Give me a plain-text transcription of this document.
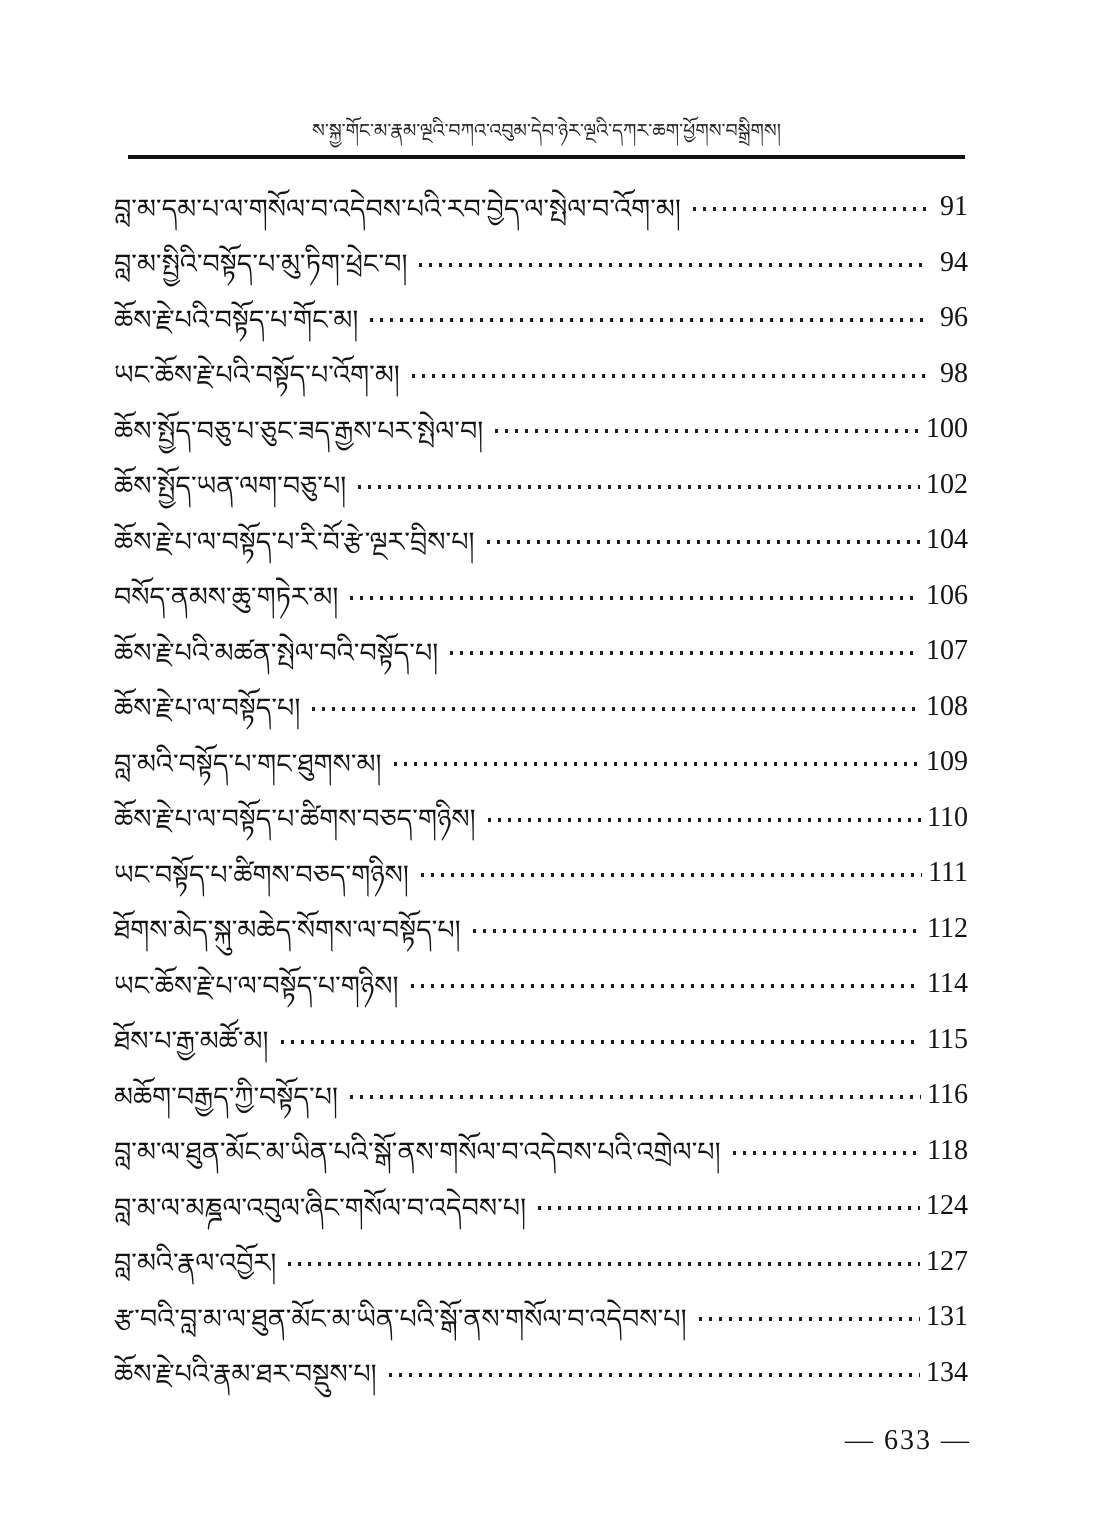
ས་སྐྱ་གོང་མ་རྣམ་ལྔའི་བཀའ་འབུམ་དེབ་ཉེར་ལྔའི་དཀར་ཆག་ཕྱོགས་བསྒྲིགས།
བླ་མ་དམ་པ་ལ་གསོལ་བ་འདེབས་པའི་རབ་བྱེད་ལ་སྤེལ་བ་འོག་མ།	91
བླ་མ་སྤྱིའི་བསྟོད་པ་མུ་ཏིག་ཕྲེང་བ།	94
ཆོས་རྗེ་པའི་བསྟོད་པ་གོང་མ།	96
ཡང་ཆོས་རྗེ་པའི་བསྟོད་པ་འོག་མ།	98
ཆོས་སྤྱོད་བཅུ་པ་ཅུང་ཟད་རྒྱས་པར་སྤེལ་བ།	100
ཆོས་སྤྱོད་ཡན་ལག་བཅུ་པ།	102
ཆོས་རྗེ་པ་ལ་བསྟོད་པ་རི་བོ་རྩེ་ལྔར་བྲིས་པ།	104
བསོད་ནམས་ཆུ་གཏེར་མ།	106
ཆོས་རྗེ་པའི་མཚན་སྤེལ་བའི་བསྟོད་པ།	107
ཆོས་རྗེ་པ་ལ་བསྟོད་པ།	108
བླ་མའི་བསྟོད་པ་གང་ཐུགས་མ།	109
ཆོས་རྗེ་པ་ལ་བསྟོད་པ་ཚིགས་བཅད་གཉིས།	110
ཡང་བསྟོད་པ་ཚིགས་བཅད་གཉིས།	111
ཐོགས་མེད་སྐུ་མཆེད་སོགས་ལ་བསྟོད་པ།	112
ཡང་ཆོས་རྗེ་པ་ལ་བསྟོད་པ་གཉིས།	114
ཐོས་པ་རྒྱ་མཚོ་མ།	115
མཆོག་བརྒྱད་ཀྱི་བསྟོད་པ།	116
བླ་མ་ལ་ཐུན་མོང་མ་ཡིན་པའི་སྒོ་ནས་གསོལ་བ་འདེབས་པའི་འགྲེལ་པ།	118
བླ་མ་ལ་མཎྜལ་འབུལ་ཞིང་གསོལ་བ་འདེབས་པ།	124
བླ་མའི་རྣལ་འབྱོར།	127
རྩ་བའི་བླ་མ་ལ་ཐུན་མོང་མ་ཡིན་པའི་སྒོ་ནས་གསོལ་བ་འདེབས་པ།	131
ཆོས་རྗེ་པའི་རྣམ་ཐར་བསྡུས་པ།	134
— 633 —
